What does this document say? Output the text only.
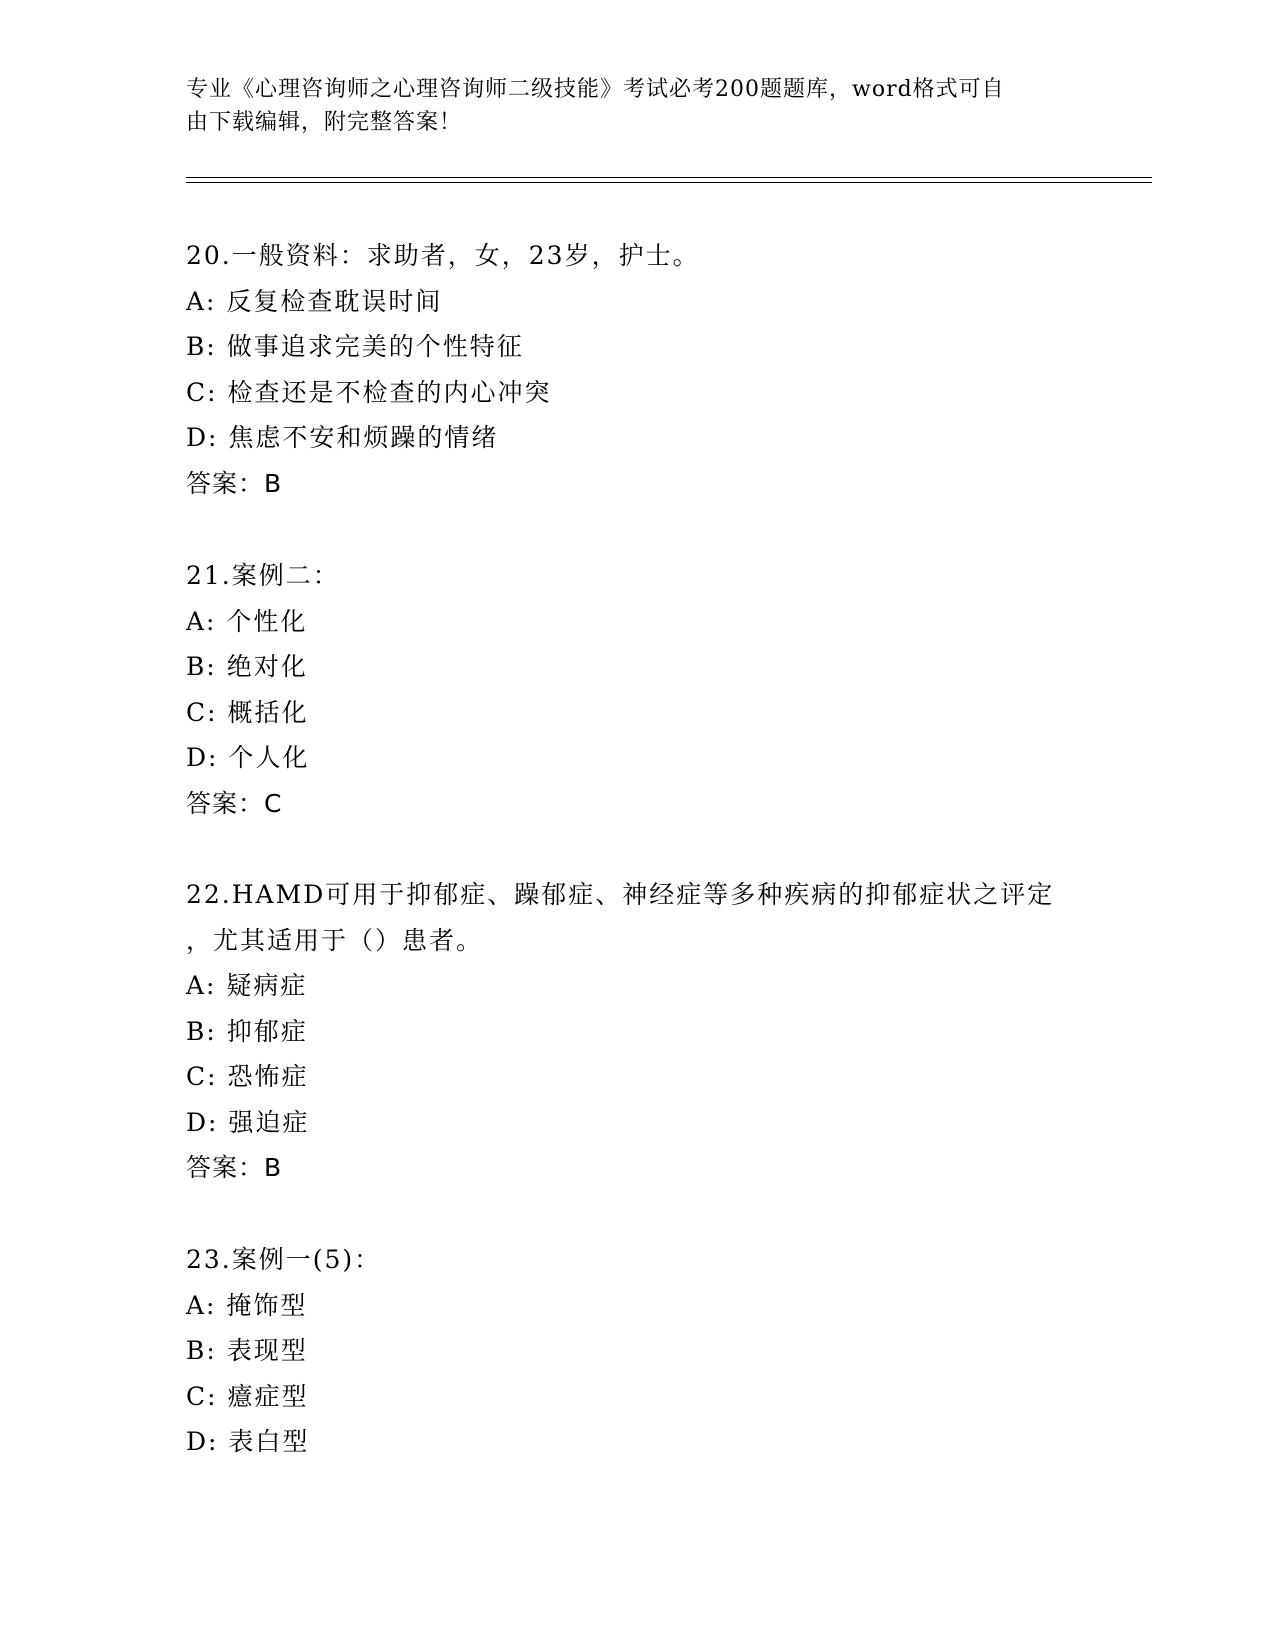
专业《心理咨询师之心理咨询师二级技能》考试必考200题题库，word格式可自
由下载编辑，附完整答案！
20.一般资料：求助者，女，23岁，护士。
A: 反复检查耽误时间
B: 做事追求完美的个性特征
C: 检查还是不检查的内心冲突
D: 焦虑不安和烦躁的情绪
答案：B
21.案例二：
A: 个性化
B: 绝对化
C: 概括化
D: 个人化
答案：C
22.HAMD可用于抑郁症、躁郁症、神经症等多种疾病的抑郁症状之评定
，尤其适用于（）患者。
A: 疑病症
B: 抑郁症
C: 恐怖症
D: 强迫症
答案：B
23.案例一(5)：
A: 掩饰型
B: 表现型
C: 癔症型
D: 表白型
